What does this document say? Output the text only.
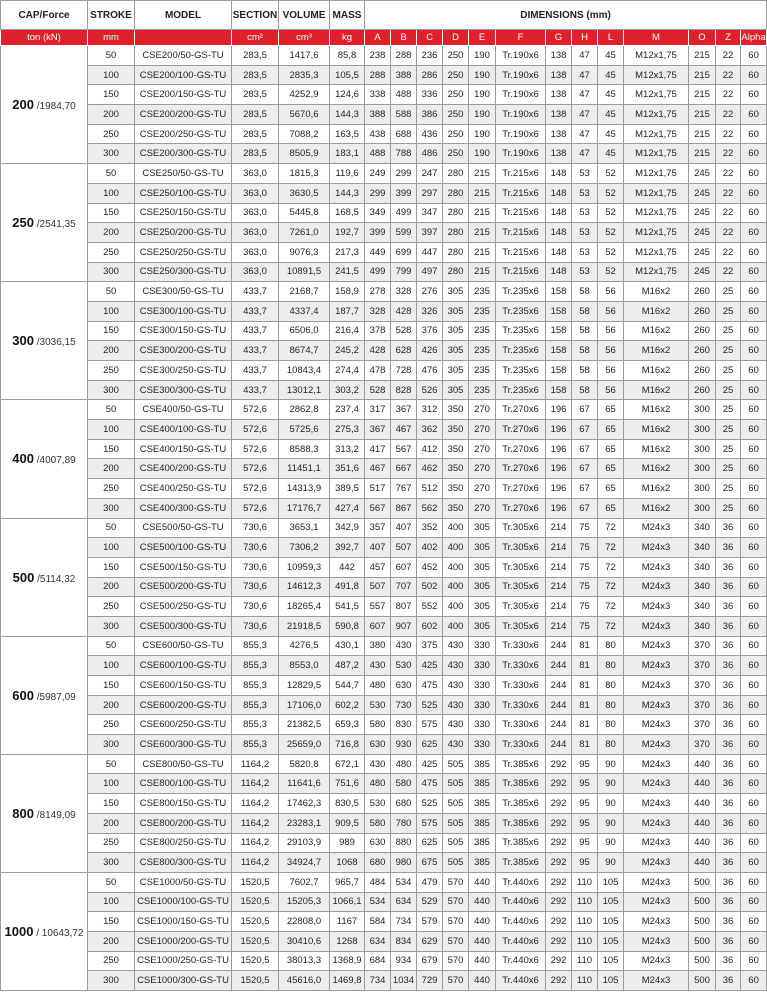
CAP/Force	STROKE	MODEL	SECTION	VOLUME	MASS	DIMENSIONS (mm)												
ton (kN)	mm		cm²	cm³	kg	A	B	C	D	E	F	G	H	L	M	O	Z	Alpha
200 /1984,70	50	CSE200/50-GS-TU	283,5	1417,6	85,8	238	288	236	250	190	Tr.190x6	138	47	45	M12x1,75	215	22	60
	100	CSE200/100-GS-TU	283,5	2835,3	105,5	288	388	286	250	190	Tr.190x6	138	47	45	M12x1,75	215	22	60
	150	CSE200/150-GS-TU	283,5	4252,9	124,6	338	488	336	250	190	Tr.190x6	138	47	45	M12x1,75	215	22	60
	200	CSE200/200-GS-TU	283,5	5670,6	144,3	388	588	386	250	190	Tr.190x6	138	47	45	M12x1,75	215	22	60
	250	CSE200/250-GS-TU	283,5	7088,2	163,5	438	688	436	250	190	Tr.190x6	138	47	45	M12x1,75	215	22	60
	300	CSE200/300-GS-TU	283,5	8505,9	183,1	488	788	486	250	190	Tr.190x6	138	47	45	M12x1,75	215	22	60
250 /2541,35	50	CSE250/50-GS-TU	363,0	1815,3	119,6	249	299	247	280	215	Tr.215x6	148	53	52	M12x1,75	245	22	60
	100	CSE250/100-GS-TU	363,0	3630,5	144,3	299	399	297	280	215	Tr.215x6	148	53	52	M12x1,75	245	22	60
	150	CSE250/150-GS-TU	363,0	5445,8	168,5	349	499	347	280	215	Tr.215x6	148	53	52	M12x1,75	245	22	60
	200	CSE250/200-GS-TU	363,0	7261,0	192,7	399	599	397	280	215	Tr.215x6	148	53	52	M12x1,75	245	22	60
	250	CSE250/250-GS-TU	363,0	9076,3	217,3	449	699	447	280	215	Tr.215x6	148	53	52	M12x1,75	245	22	60
	300	CSE250/300-GS-TU	363,0	10891,5	241,5	499	799	497	280	215	Tr.215x6	148	53	52	M12x1,75	245	22	60
300 /3036,15	50	CSE300/50-GS-TU	433,7	2168,7	158,9	278	328	276	305	235	Tr.235x6	158	58	56	M16x2	260	25	60
	100	CSE300/100-GS-TU	433,7	4337,4	187,7	328	428	326	305	235	Tr.235x6	158	58	56	M16x2	260	25	60
	150	CSE300/150-GS-TU	433,7	6506,0	216,4	378	528	376	305	235	Tr.235x6	158	58	56	M16x2	260	25	60
	200	CSE300/200-GS-TU	433,7	8674,7	245,2	428	628	426	305	235	Tr.235x6	158	58	56	M16x2	260	25	60
	250	CSE300/250-GS-TU	433,7	10843,4	274,4	478	728	476	305	235	Tr.235x6	158	58	56	M16x2	260	25	60
	300	CSE300/300-GS-TU	433,7	13012,1	303,2	528	828	526	305	235	Tr.235x6	158	58	56	M16x2	260	25	60
400 /4007,89	50	CSE400/50-GS-TU	572,6	2862,8	237,4	317	367	312	350	270	Tr.270x6	196	67	65	M16x2	300	25	60
	100	CSE400/100-GS-TU	572,6	5725,6	275,3	367	467	362	350	270	Tr.270x6	196	67	65	M16x2	300	25	60
	150	CSE400/150-GS-TU	572,6	8588,3	313,2	417	567	412	350	270	Tr.270x6	196	67	65	M16x2	300	25	60
	200	CSE400/200-GS-TU	572,6	11451,1	351,6	467	667	462	350	270	Tr.270x6	196	67	65	M16x2	300	25	60
	250	CSE400/250-GS-TU	572,6	14313,9	389,5	517	767	512	350	270	Tr.270x6	196	67	65	M16x2	300	25	60
	300	CSE400/300-GS-TU	572,6	17176,7	427,4	567	867	562	350	270	Tr.270x6	196	67	65	M16x2	300	25	60
500 /5114,32	50	CSE500/50-GS-TU	730,6	3653,1	342,9	357	407	352	400	305	Tr.305x6	214	75	72	M24x3	340	36	60
	100	CSE500/100-GS-TU	730,6	7306,2	392,7	407	507	402	400	305	Tr.305x6	214	75	72	M24x3	340	36	60
	150	CSE500/150-GS-TU	730,6	10959,3	442	457	607	452	400	305	Tr.305x6	214	75	72	M24x3	340	36	60
	200	CSE500/200-GS-TU	730,6	14612,3	491,8	507	707	502	400	305	Tr.305x6	214	75	72	M24x3	340	36	60
	250	CSE500/250-GS-TU	730,6	18265,4	541,5	557	807	552	400	305	Tr.305x6	214	75	72	M24x3	340	36	60
	300	CSE500/300-GS-TU	730,6	21918,5	590,8	607	907	602	400	305	Tr.305x6	214	75	72	M24x3	340	36	60
600 /5987,09	50	CSE600/50-GS-TU	855,3	4276,5	430,1	380	430	375	430	330	Tr.330x6	244	81	80	M24x3	370	36	60
	100	CSE600/100-GS-TU	855,3	8553,0	487,2	430	530	425	430	330	Tr.330x6	244	81	80	M24x3	370	36	60
	150	CSE600/150-GS-TU	855,3	12829,5	544,7	480	630	475	430	330	Tr.330x6	244	81	80	M24x3	370	36	60
	200	CSE600/200-GS-TU	855,3	17106,0	602,2	530	730	525	430	330	Tr.330x6	244	81	80	M24x3	370	36	60
	250	CSE600/250-GS-TU	855,3	21382,5	659,3	580	830	575	430	330	Tr.330x6	244	81	80	M24x3	370	36	60
	300	CSE600/300-GS-TU	855,3	25659,0	716,8	630	930	625	430	330	Tr.330x6	244	81	80	M24x3	370	36	60
800 /8149,09	50	CSE800/50-GS-TU	1164,2	5820,8	672,1	430	480	425	505	385	Tr.385x6	292	95	90	M24x3	440	36	60
	100	CSE800/100-GS-TU	1164,2	11641,6	751,6	480	580	475	505	385	Tr.385x6	292	95	90	M24x3	440	36	60
	150	CSE800/150-GS-TU	1164,2	17462,3	830,5	530	680	525	505	385	Tr.385x6	292	95	90	M24x3	440	36	60
	200	CSE800/200-GS-TU	1164,2	23283,1	909,5	580	780	575	505	385	Tr.385x6	292	95	90	M24x3	440	36	60
	250	CSE800/250-GS-TU	1164,2	29103,9	989	630	880	625	505	385	Tr.385x6	292	95	90	M24x3	440	36	60
	300	CSE800/300-GS-TU	1164,2	34924,7	1068	680	980	675	505	385	Tr.385x6	292	95	90	M24x3	440	36	60
1000 / 10643,72	50	CSE1000/50-GS-TU	1520,5	7602,7	965,7	484	534	479	570	440	Tr.440x6	292	110	105	M24x3	500	36	60
	100	CSE1000/100-GS-TU	1520,5	15205,3	1066,1	534	634	529	570	440	Tr.440x6	292	110	105	M24x3	500	36	60
	150	CSE1000/150-GS-TU	1520,5	22808,0	1167	584	734	579	570	440	Tr.440x6	292	110	105	M24x3	500	36	60
	200	CSE1000/200-GS-TU	1520,5	30410,6	1268	634	834	629	570	440	Tr.440x6	292	110	105	M24x3	500	36	60
	250	CSE1000/250-GS-TU	1520,5	38013,3	1368,9	684	934	679	570	440	Tr.440x6	292	110	105	M24x3	500	36	60
	300	CSE1000/300-GS-TU	1520,5	45616,0	1469,8	734	1034	729	570	440	Tr.440x6	292	110	105	M24x3	500	36	60
